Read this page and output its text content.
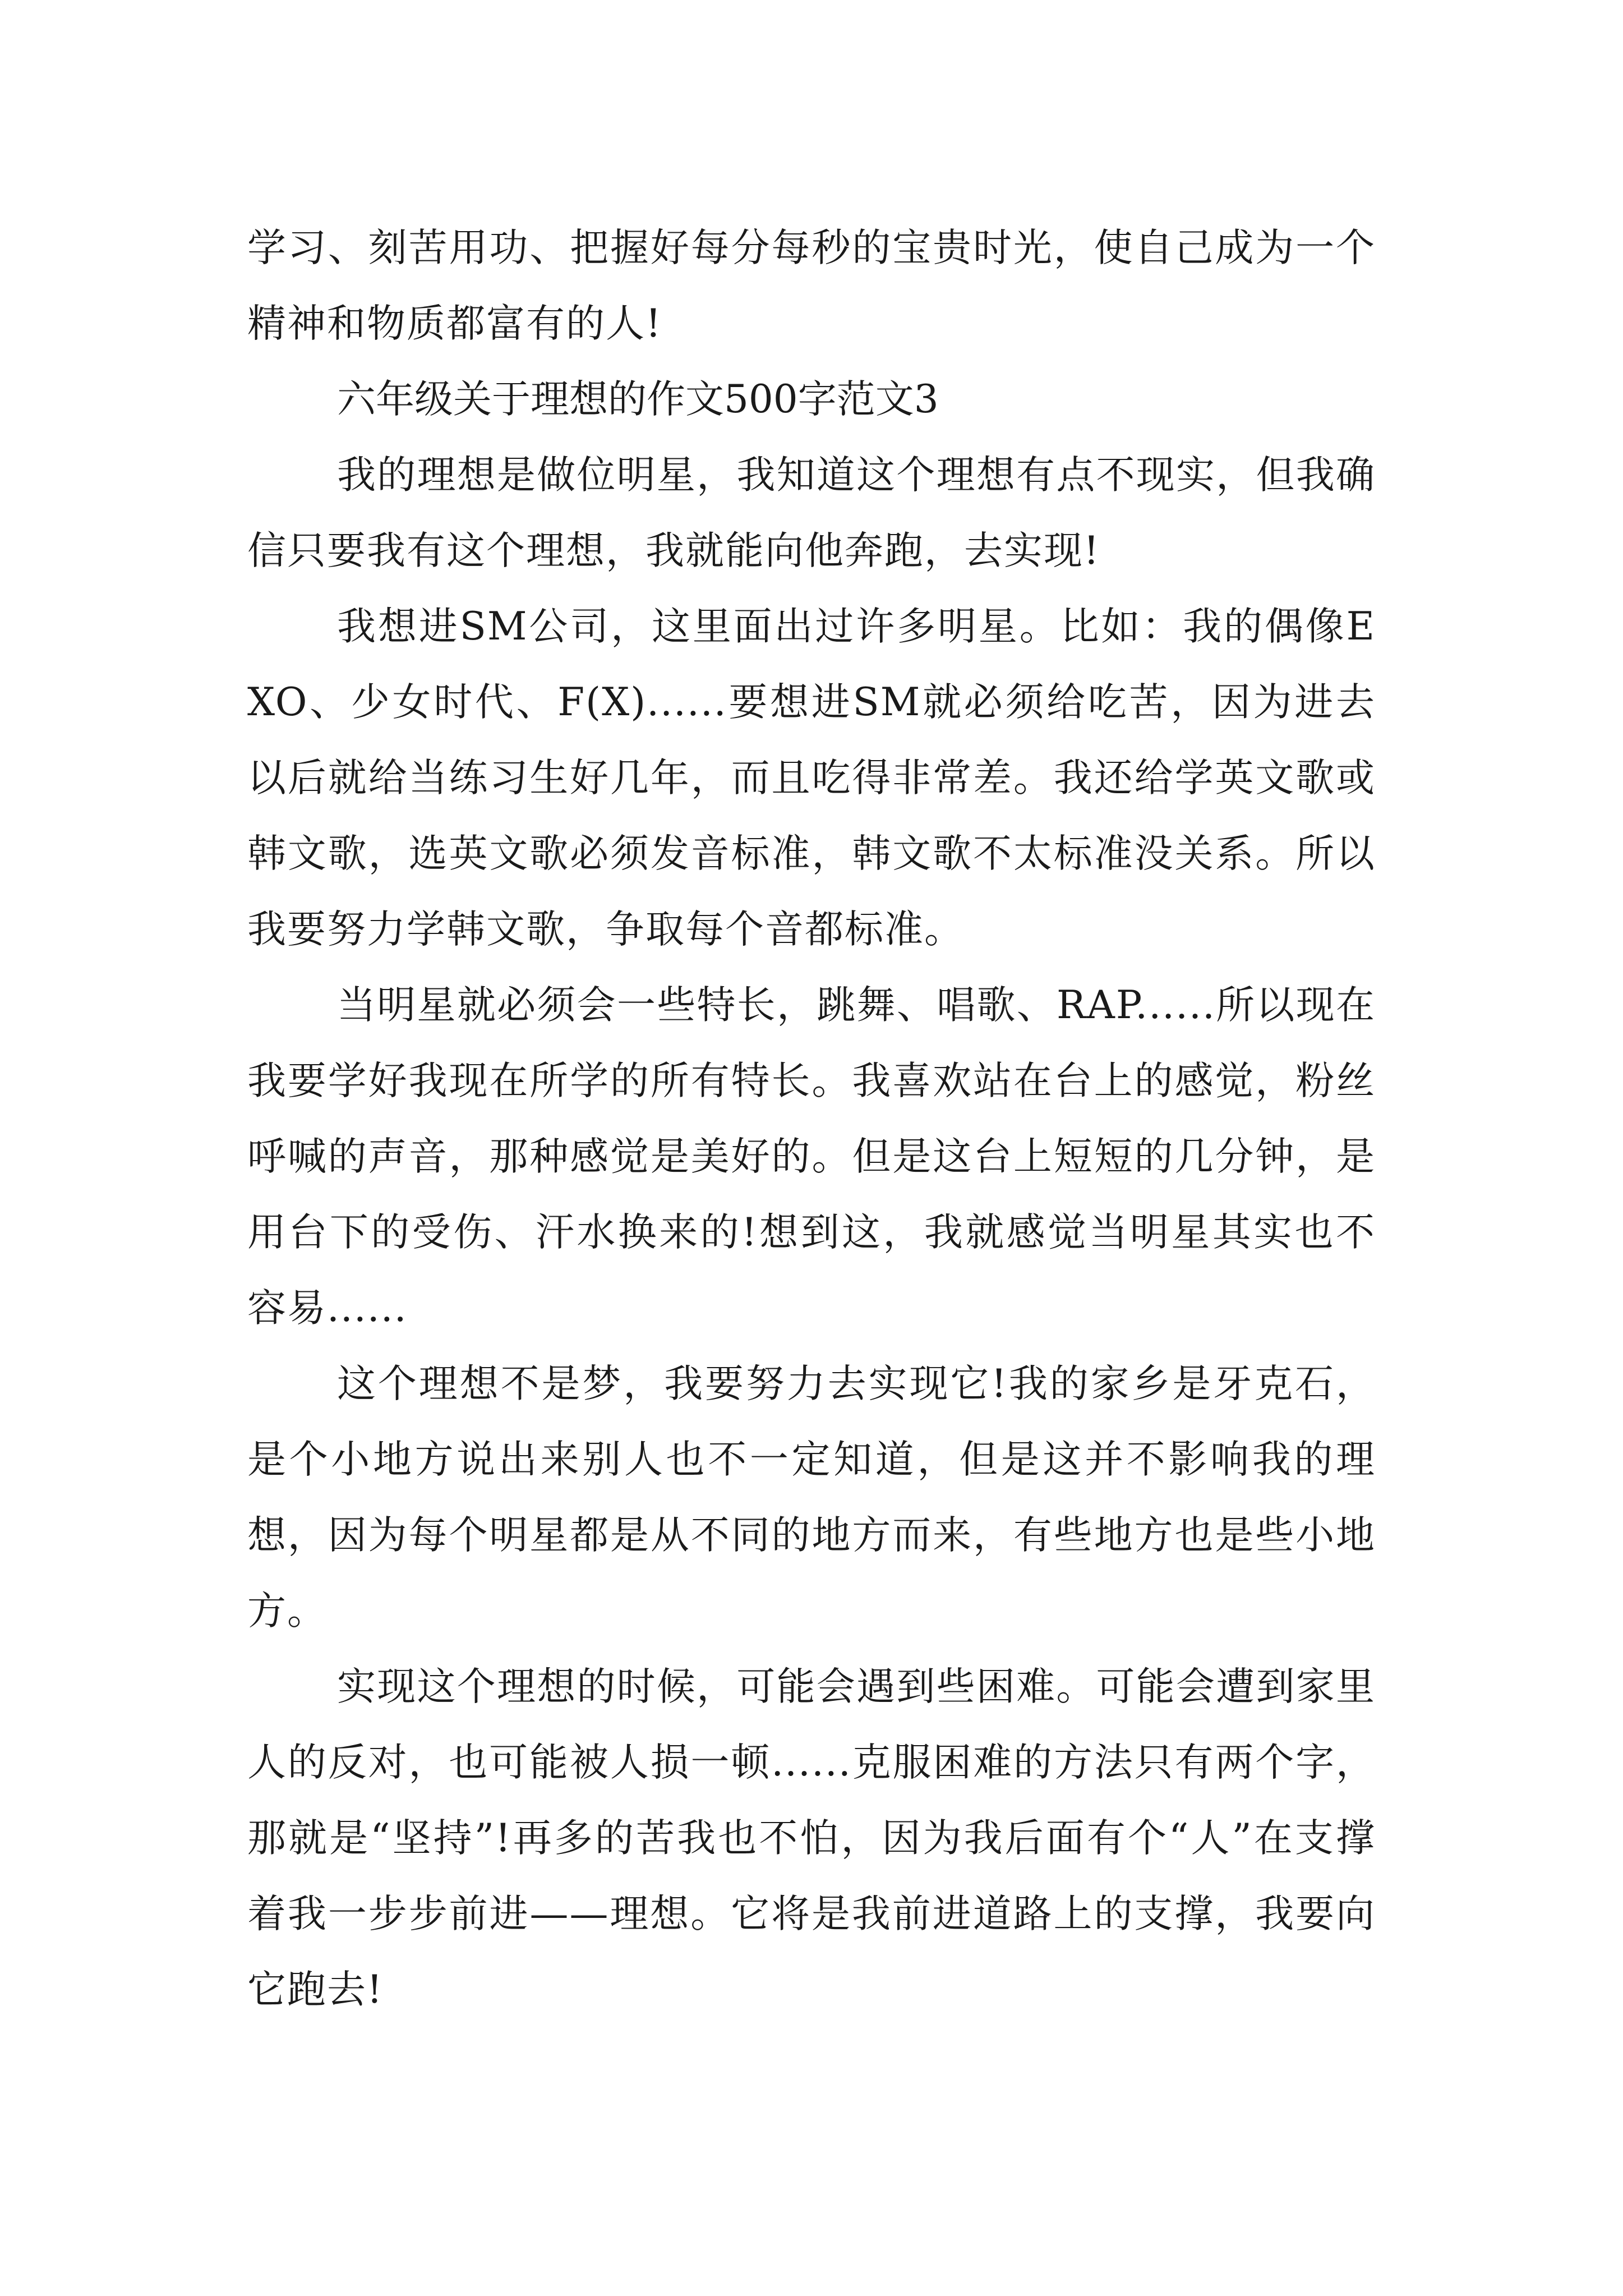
学习、刻苦用功、把握好每分每秒的宝贵时光，使自己成为一个精神和物质都富有的人!

六年级关于理想的作文500字范文3

我的理想是做位明星，我知道这个理想有点不现实，但我确信只要我有这个理想，我就能向他奔跑，去实现!

我想进SM公司，这里面出过许多明星。比如：我的偶像EXO、少女时代、F(X)......要想进SM就必须给吃苦，因为进去以后就给当练习生好几年，而且吃得非常差。我还给学英文歌或韩文歌，选英文歌必须发音标准，韩文歌不太标准没关系。所以我要努力学韩文歌，争取每个音都标准。

当明星就必须会一些特长，跳舞、唱歌、RAP......所以现在我要学好我现在所学的所有特长。我喜欢站在台上的感觉，粉丝呼喊的声音，那种感觉是美好的。但是这台上短短的几分钟，是用台下的受伤、汗水换来的!想到这，我就感觉当明星其实也不容易......

这个理想不是梦，我要努力去实现它!我的家乡是牙克石，是个小地方说出来别人也不一定知道，但是这并不影响我的理想，因为每个明星都是从不同的地方而来，有些地方也是些小地方。

实现这个理想的时候，可能会遇到些困难。可能会遭到家里人的反对，也可能被人损一顿......克服困难的方法只有两个字，那就是“坚持”!再多的苦我也不怕，因为我后面有个“人”在支撑着我一步步前进——理想。它将是我前进道路上的支撑，我要向它跑去!
